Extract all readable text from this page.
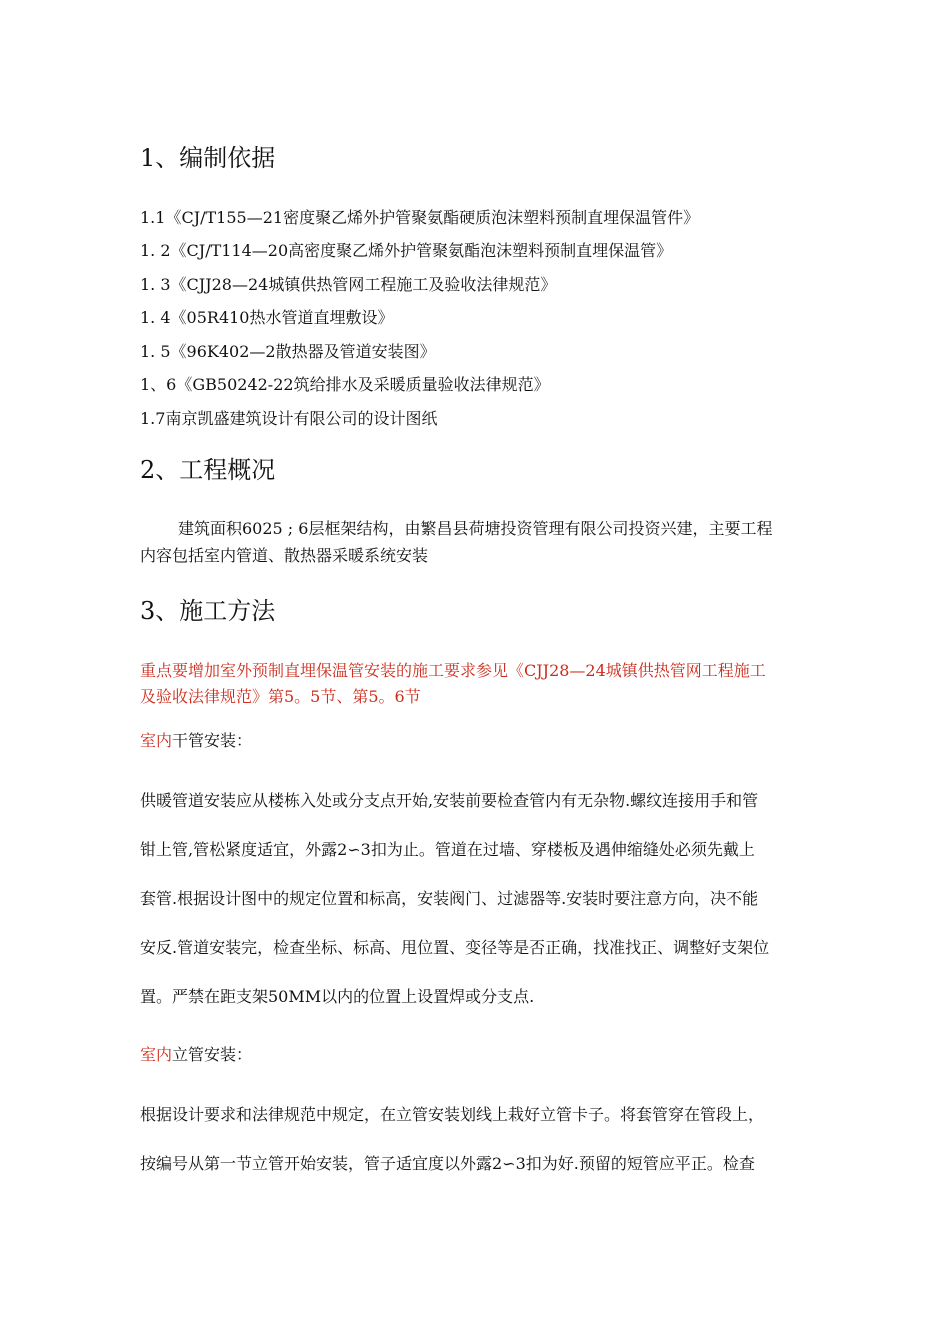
1、编制依据
1.1《CJ/T155—21密度聚乙烯外护管聚氨酯硬质泡沫塑料预制直埋保温管件》
1. 2《CJ/T114—20高密度聚乙烯外护管聚氨酯泡沫塑料预制直埋保温管》
1. 3《CJJ28—24城镇供热管网工程施工及验收法律规范》
1. 4《05R410热水管道直埋敷设》
1. 5《96K402—2散热器及管道安装图》
1、6《GB50242-22筑给排水及采暖质量验收法律规范》
1.7南京凯盛建筑设计有限公司的设计图纸
2、工程概况
建筑面积6025 ; 6层框架结构，由繁昌县荷塘投资管理有限公司投资兴建，主要工程
内容包括室内管道、散热器采暖系统安装
3、施工方法
重点要增加室外预制直埋保温管安装的施工要求参见《CJJ28—24城镇供热管网工程施工
及验收法律规范》第5。5节、第5。6节
室内干管安装：
供暖管道安装应从楼栋入处或分支点开始,安装前要检查管内有无杂物.螺纹连接用手和管
钳上管,管松紧度适宜，外露2∽3扣为止。管道在过墙、穿楼板及遇伸缩缝处必须先戴上
套管.根据设计图中的规定位置和标高，安装阀门、过滤器等.安装时要注意方向，决不能
安反.管道安装完，检查坐标、标高、甩位置、变径等是否正确，找准找正、调整好支架位
置。严禁在距支架50MM以内的位置上设置焊或分支点.
室内立管安装：
根据设计要求和法律规范中规定，在立管安装划线上栽好立管卡子。将套管穿在管段上，
按编号从第一节立管开始安装，管子适宜度以外露2∽3扣为好.预留的短管应平正。检查
